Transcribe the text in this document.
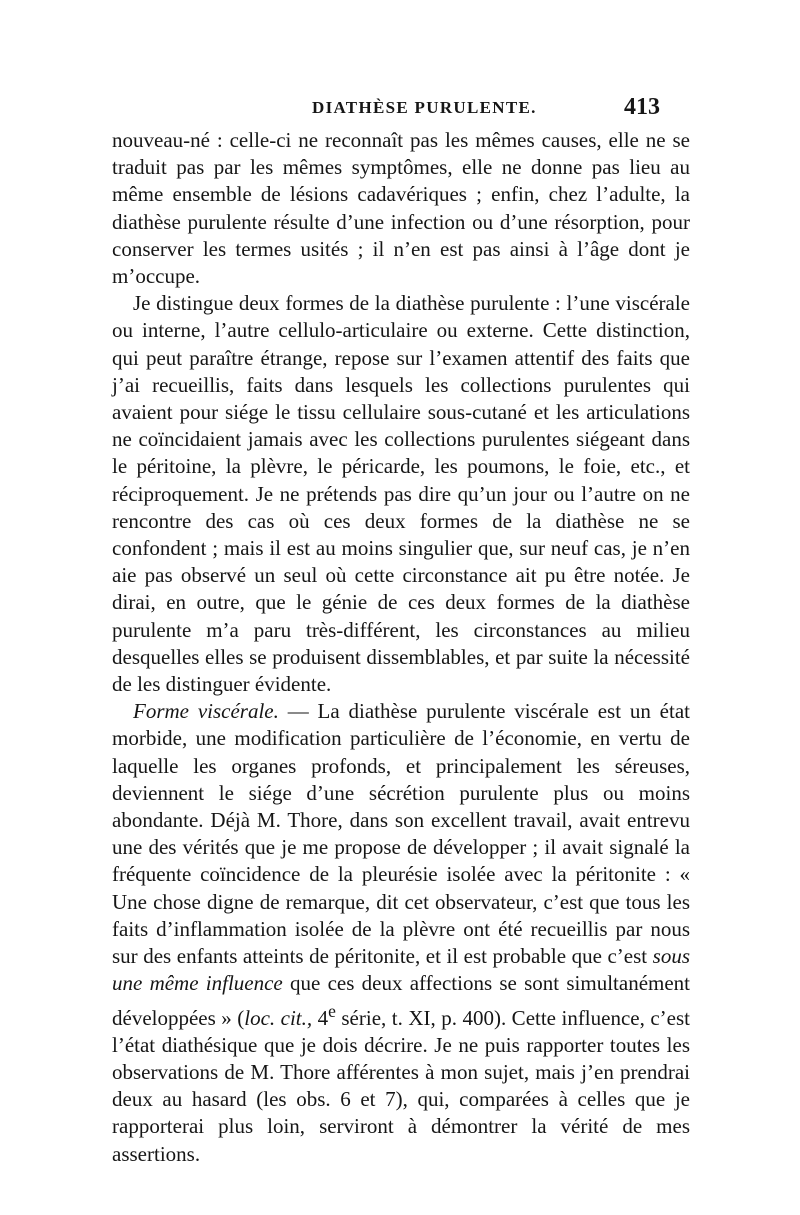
DIATHÈSE PURULENTE.	413

nouveau-né : celle-ci ne reconnaît pas les mêmes causes, elle ne se traduit pas par les mêmes symptômes, elle ne donne pas lieu au même ensemble de lésions cadavériques ; enfin, chez l’adulte, la diathèse purulente résulte d’une infection ou d’une résorption, pour conserver les termes usités ; il n’en est pas ainsi à l’âge dont je m’occupe.

Je distingue deux formes de la diathèse purulente : l’une viscérale ou interne, l’autre cellulo-articulaire ou externe. Cette distinction, qui peut paraître étrange, repose sur l’examen attentif des faits que j’ai recueillis, faits dans lesquels les collections purulentes qui avaient pour siége le tissu cellulaire sous-cutané et les articulations ne coïncidaient jamais avec les collections purulentes siégeant dans le péritoine, la plèvre, le péricarde, les poumons, le foie, etc., et réciproquement. Je ne prétends pas dire qu’un jour ou l’autre on ne rencontre des cas où ces deux formes de la diathèse ne se confondent ; mais il est au moins singulier que, sur neuf cas, je n’en aie pas observé un seul où cette circonstance ait pu être notée. Je dirai, en outre, que le génie de ces deux formes de la diathèse purulente m’a paru très-différent, les circonstances au milieu desquelles elles se produisent dissemblables, et par suite la nécessité de les distinguer évidente.

Forme viscérale. — La diathèse purulente viscérale est un état morbide, une modification particulière de l’économie, en vertu de laquelle les organes profonds, et principalement les séreuses, deviennent le siége d’une sécrétion purulente plus ou moins abondante. Déjà M. Thore, dans son excellent travail, avait entrevu une des vérités que je me propose de développer ; il avait signalé la fréquente coïncidence de la pleurésie isolée avec la péritonite : « Une chose digne de remarque, dit cet observateur, c’est que tous les faits d’inflammation isolée de la plèvre ont été recueillis par nous sur des enfants atteints de péritonite, et il est probable que c’est sous une même influence que ces deux affections se sont simultanément développées » (loc. cit., 4e série, t. XI, p. 400). Cette influence, c’est l’état diathésique que je dois décrire. Je ne puis rapporter toutes les observations de M. Thore afférentes à mon sujet, mais j’en prendrai deux au hasard (les obs. 6 et 7), qui, comparées à celles que je rapporterai plus loin, serviront à démontrer la vérité de mes assertions.
